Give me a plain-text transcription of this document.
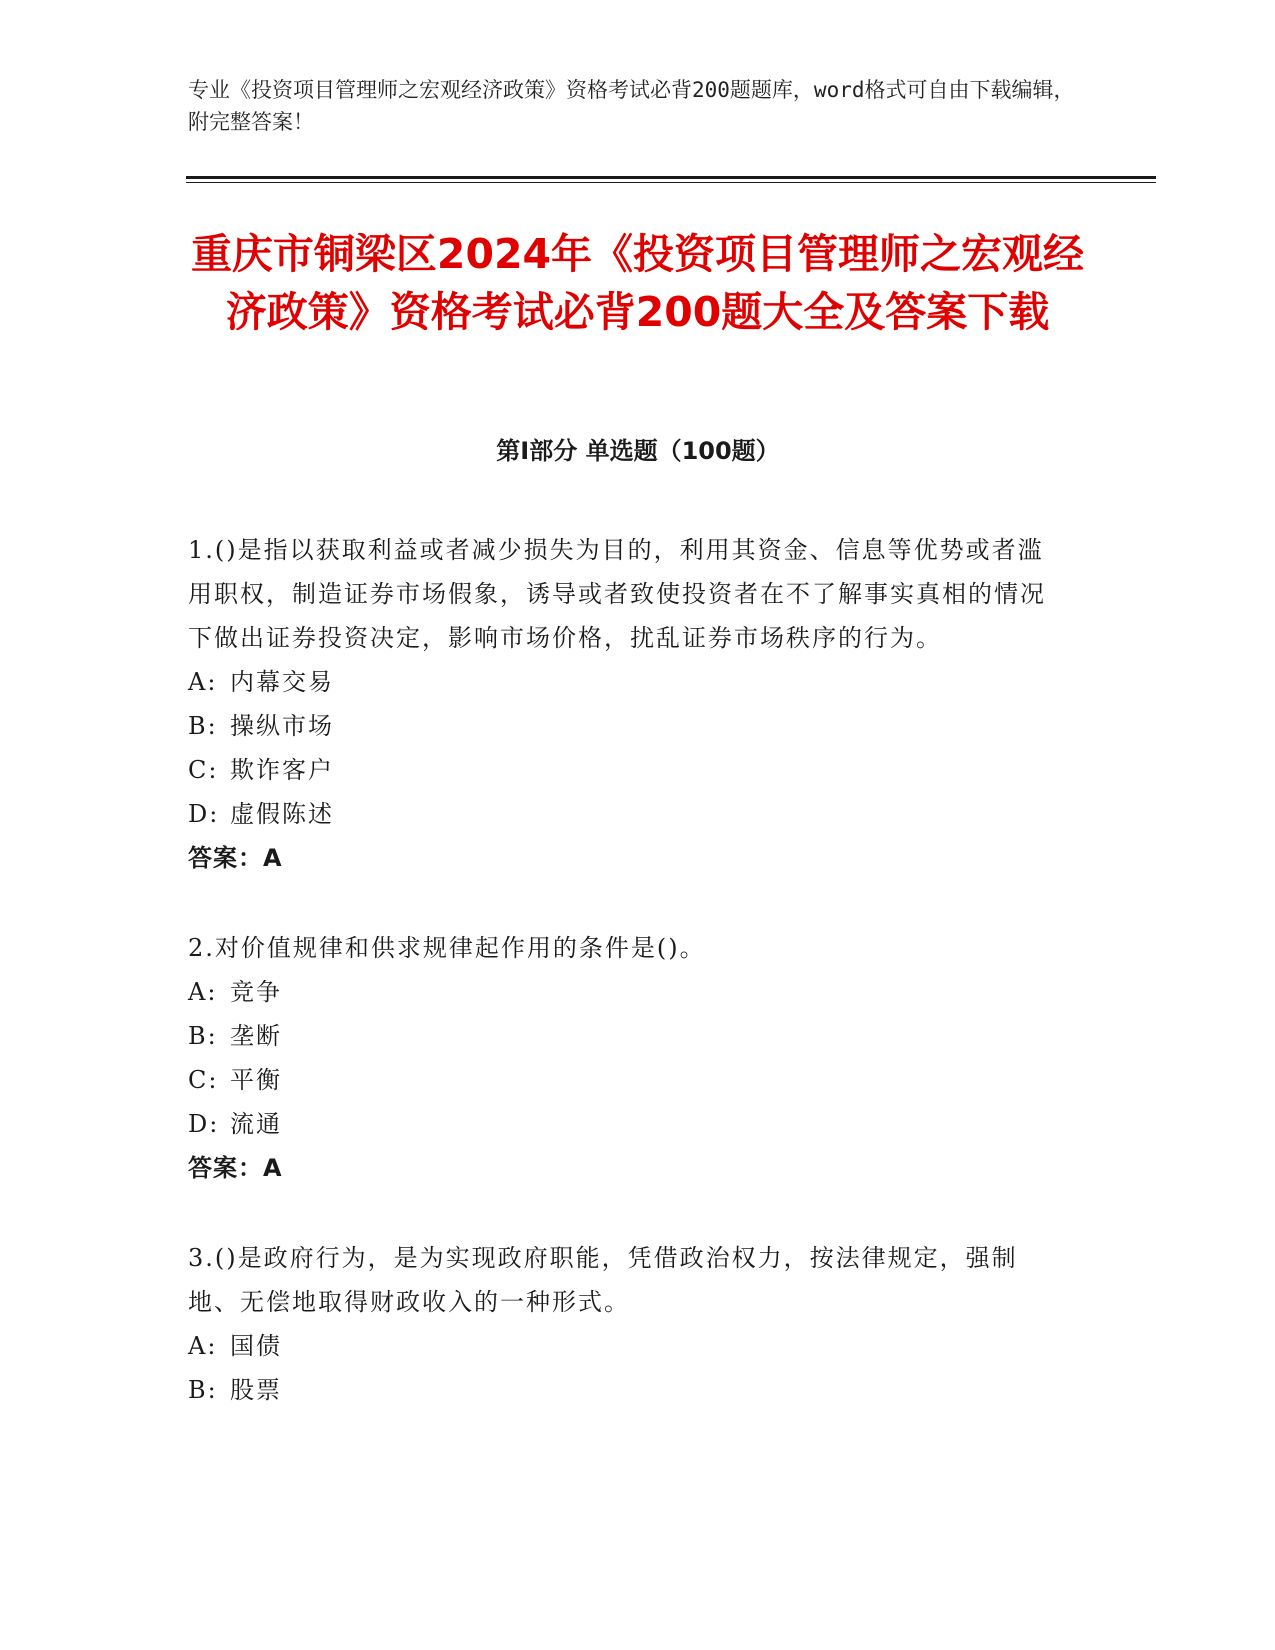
专业《投资项目管理师之宏观经济政策》资格考试必背200题题库，word格式可自由下载编辑，附完整答案！
重庆市铜梁区2024年《投资项目管理师之宏观经济政策》资格考试必背200题大全及答案下载
第I部分 单选题（100题）
1.()是指以获取利益或者减少损失为目的，利用其资金、信息等优势或者滥用职权，制造证券市场假象，诱导或者致使投资者在不了解事实真相的情况下做出证券投资决定，影响市场价格，扰乱证券市场秩序的行为。
A: 内幕交易
B: 操纵市场
C: 欺诈客户
D: 虚假陈述
答案：A
2.对价值规律和供求规律起作用的条件是()。
A: 竞争
B: 垄断
C: 平衡
D: 流通
答案：A
3.()是政府行为，是为实现政府职能，凭借政治权力，按法律规定，强制地、无偿地取得财政收入的一种形式。
A: 国债
B: 股票
